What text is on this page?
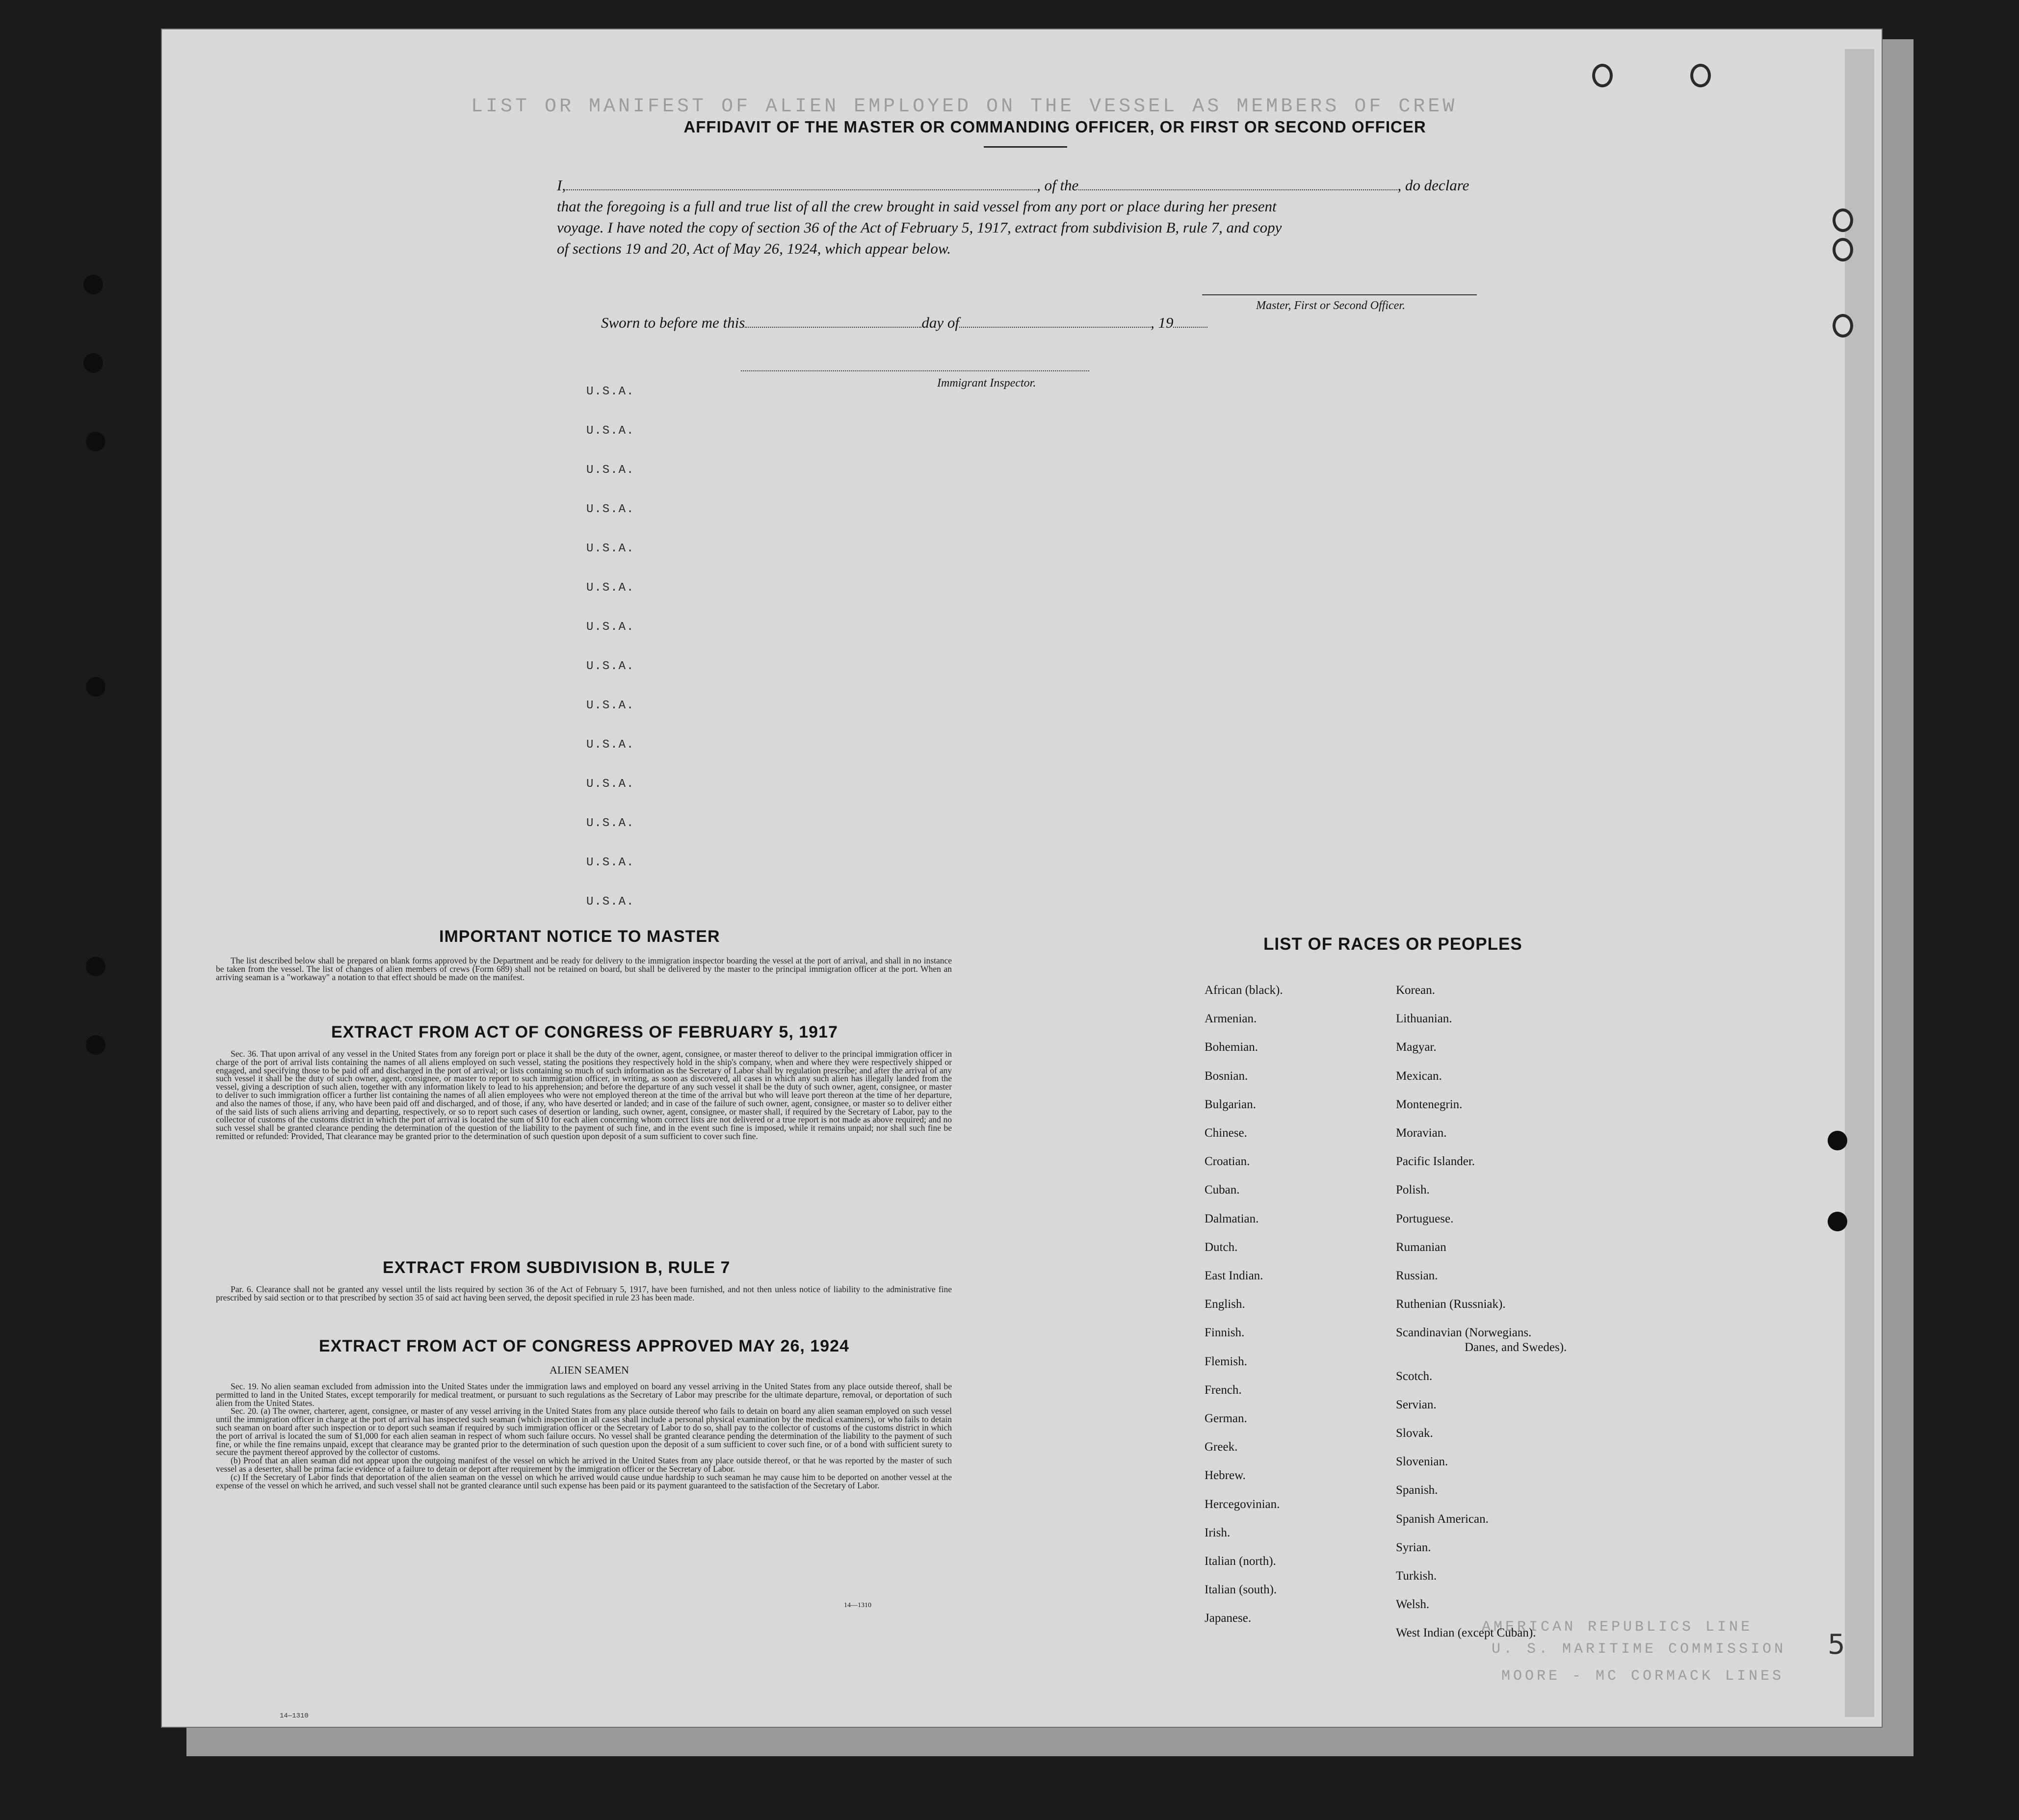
LIST OR MANIFEST OF ALIEN EMPLOYED ON THE VESSEL AS MEMBERS OF CREW
AMERICAN REPUBLICS LINE
U. S. MARITIME COMMISSION
MOORE - MC CORMACK LINES
14—1310
5
U.S.A.
U.S.A.
U.S.A.
U.S.A.
U.S.A.
U.S.A.
U.S.A.
U.S.A.
U.S.A.
U.S.A.
U.S.A.
U.S.A.
U.S.A.
U.S.A.
AFFIDAVIT OF THE MASTER OR COMMANDING OFFICER, OR FIRST OR SECOND OFFICER
I,	, of the	, do declare
that the foregoing is a full and true list of all the crew brought in said vessel from any port or place during her present
voyage. I have noted the copy of section 36 of the Act of February 5, 1917, extract from subdivision B, rule 7, and copy
of sections 19 and 20, Act of May 26, 1924, which appear below.
Master, First or Second Officer.
Sworn to before me this	day of	, 19
Immigrant Inspector.
IMPORTANT NOTICE TO MASTER

The list described below shall be prepared on blank forms approved by the Department and be ready for delivery to the immigration inspector boarding the vessel at the port of arrival, and shall in no instance be taken from the vessel. The list of changes of alien members of crews (Form 689) shall not be retained on board, but shall be delivered by the master to the principal immigration officer at the port. When an arriving seaman is a "workaway" a notation to that effect should be made on the manifest.

EXTRACT FROM ACT OF CONGRESS OF FEBRUARY 5, 1917

Sec. 36. That upon arrival of any vessel in the United States from any foreign port or place it shall be the duty of the owner, agent, consignee, or master thereof to deliver to the principal immigration officer in charge of the port of arrival lists containing the names of all aliens employed on such vessel, stating the positions they respectively hold in the ship's company, when and where they were respectively shipped or engaged, and specifying those to be paid off and discharged in the port of arrival; or lists containing so much of such information as the Secretary of Labor shall by regulation prescribe; and after the arrival of any such vessel it shall be the duty of such owner, agent, consignee, or master to report to such immigration officer, in writing, as soon as discovered, all cases in which any such alien has illegally landed from the vessel, giving a description of such alien, together with any information likely to lead to his apprehension; and before the departure of any such vessel it shall be the duty of such owner, agent, consignee, or master to deliver to such immigration officer a further list containing the names of all alien employees who were not employed thereon at the time of the arrival but who will leave port thereon at the time of her departure, and also the names of those, if any, who have been paid off and discharged, and of those, if any, who have deserted or landed; and in case of the failure of such owner, agent, consignee, or master so to deliver either of the said lists of such aliens arriving and departing, respectively, or so to report such cases of desertion or landing, such owner, agent, consignee, or master shall, if required by the Secretary of Labor, pay to the collector of customs of the customs district in which the port of arrival is located the sum of $10 for each alien concerning whom correct lists are not delivered or a true report is not made as above required; and no such vessel shall be granted clearance pending the determination of the question of the liability to the payment of such fine, and in the event such fine is imposed, while it remains unpaid; nor shall such fine be remitted or refunded: Provided, That clearance may be granted prior to the determination of such question upon deposit of a sum sufficient to cover such fine.

EXTRACT FROM SUBDIVISION B, RULE 7

Par. 6. Clearance shall not be granted any vessel until the lists required by section 36 of the Act of February 5, 1917, have been furnished, and not then unless notice of liability to the administrative fine prescribed by said section or to that prescribed by section 35 of said act having been served, the deposit specified in rule 23 has been made.

EXTRACT FROM ACT OF CONGRESS APPROVED MAY 26, 1924
ALIEN SEAMEN

Sec. 19. No alien seaman excluded from admission into the United States under the immigration laws and employed on board any vessel arriving in the United States from any place outside thereof, shall be permitted to land in the United States, except temporarily for medical treatment, or pursuant to such regulations as the Secretary of Labor may prescribe for the ultimate departure, removal, or deportation of such alien from the United States.

Sec. 20. (a) The owner, charterer, agent, consignee, or master of any vessel arriving in the United States from any place outside thereof who fails to detain on board any alien seaman employed on such vessel until the immigration officer in charge at the port of arrival has inspected such seaman (which inspection in all cases shall include a personal physical examination by the medical examiners), or who fails to detain such seaman on board after such inspection or to deport such seaman if required by such immigration officer or the Secretary of Labor to do so, shall pay to the collector of customs of the customs district in which the port of arrival is located the sum of $1,000 for each alien seaman in respect of whom such failure occurs. No vessel shall be granted clearance pending the determination of the liability to the payment of such fine, or while the fine remains unpaid, except that clearance may be granted prior to the determination of such question upon the deposit of a sum sufficient to cover such fine, or of a bond with sufficient surety to secure the payment thereof approved by the collector of customs.

(b) Proof that an alien seaman did not appear upon the outgoing manifest of the vessel on which he arrived in the United States from any place outside thereof, or that he was reported by the master of such vessel as a deserter, shall be prima facie evidence of a failure to detain or deport after requirement by the immigration officer or the Secretary of Labor.

(c) If the Secretary of Labor finds that deportation of the alien seaman on the vessel on which he arrived would cause undue hardship to such seaman he may cause him to be deported on another vessel at the expense of the vessel on which he arrived, and such vessel shall not be granted clearance until such expense has been paid or its payment guaranteed to the satisfaction of the Secretary of Labor.

14—1310
LIST OF RACES OR PEOPLES
African (black).
Armenian.
Bohemian.
Bosnian.
Bulgarian.
Chinese.
Croatian.
Cuban.
Dalmatian.
Dutch.
East Indian.
English.
Finnish.
Flemish.
French.
German.
Greek.
Hebrew.
Hercegovinian.
Irish.
Italian (north).
Italian (south).
Japanese.
Korean.
Lithuanian.
Magyar.
Mexican.
Montenegrin.
Moravian.
Pacific Islander.
Polish.
Portuguese.
Rumanian
Russian.
Ruthenian (Russniak).
Scandinavian (Norwegians.
Danes, and Swedes).
Scotch.
Servian.
Slovak.
Slovenian.
Spanish.
Spanish American.
Syrian.
Turkish.
Welsh.
West Indian (except Cuban).
